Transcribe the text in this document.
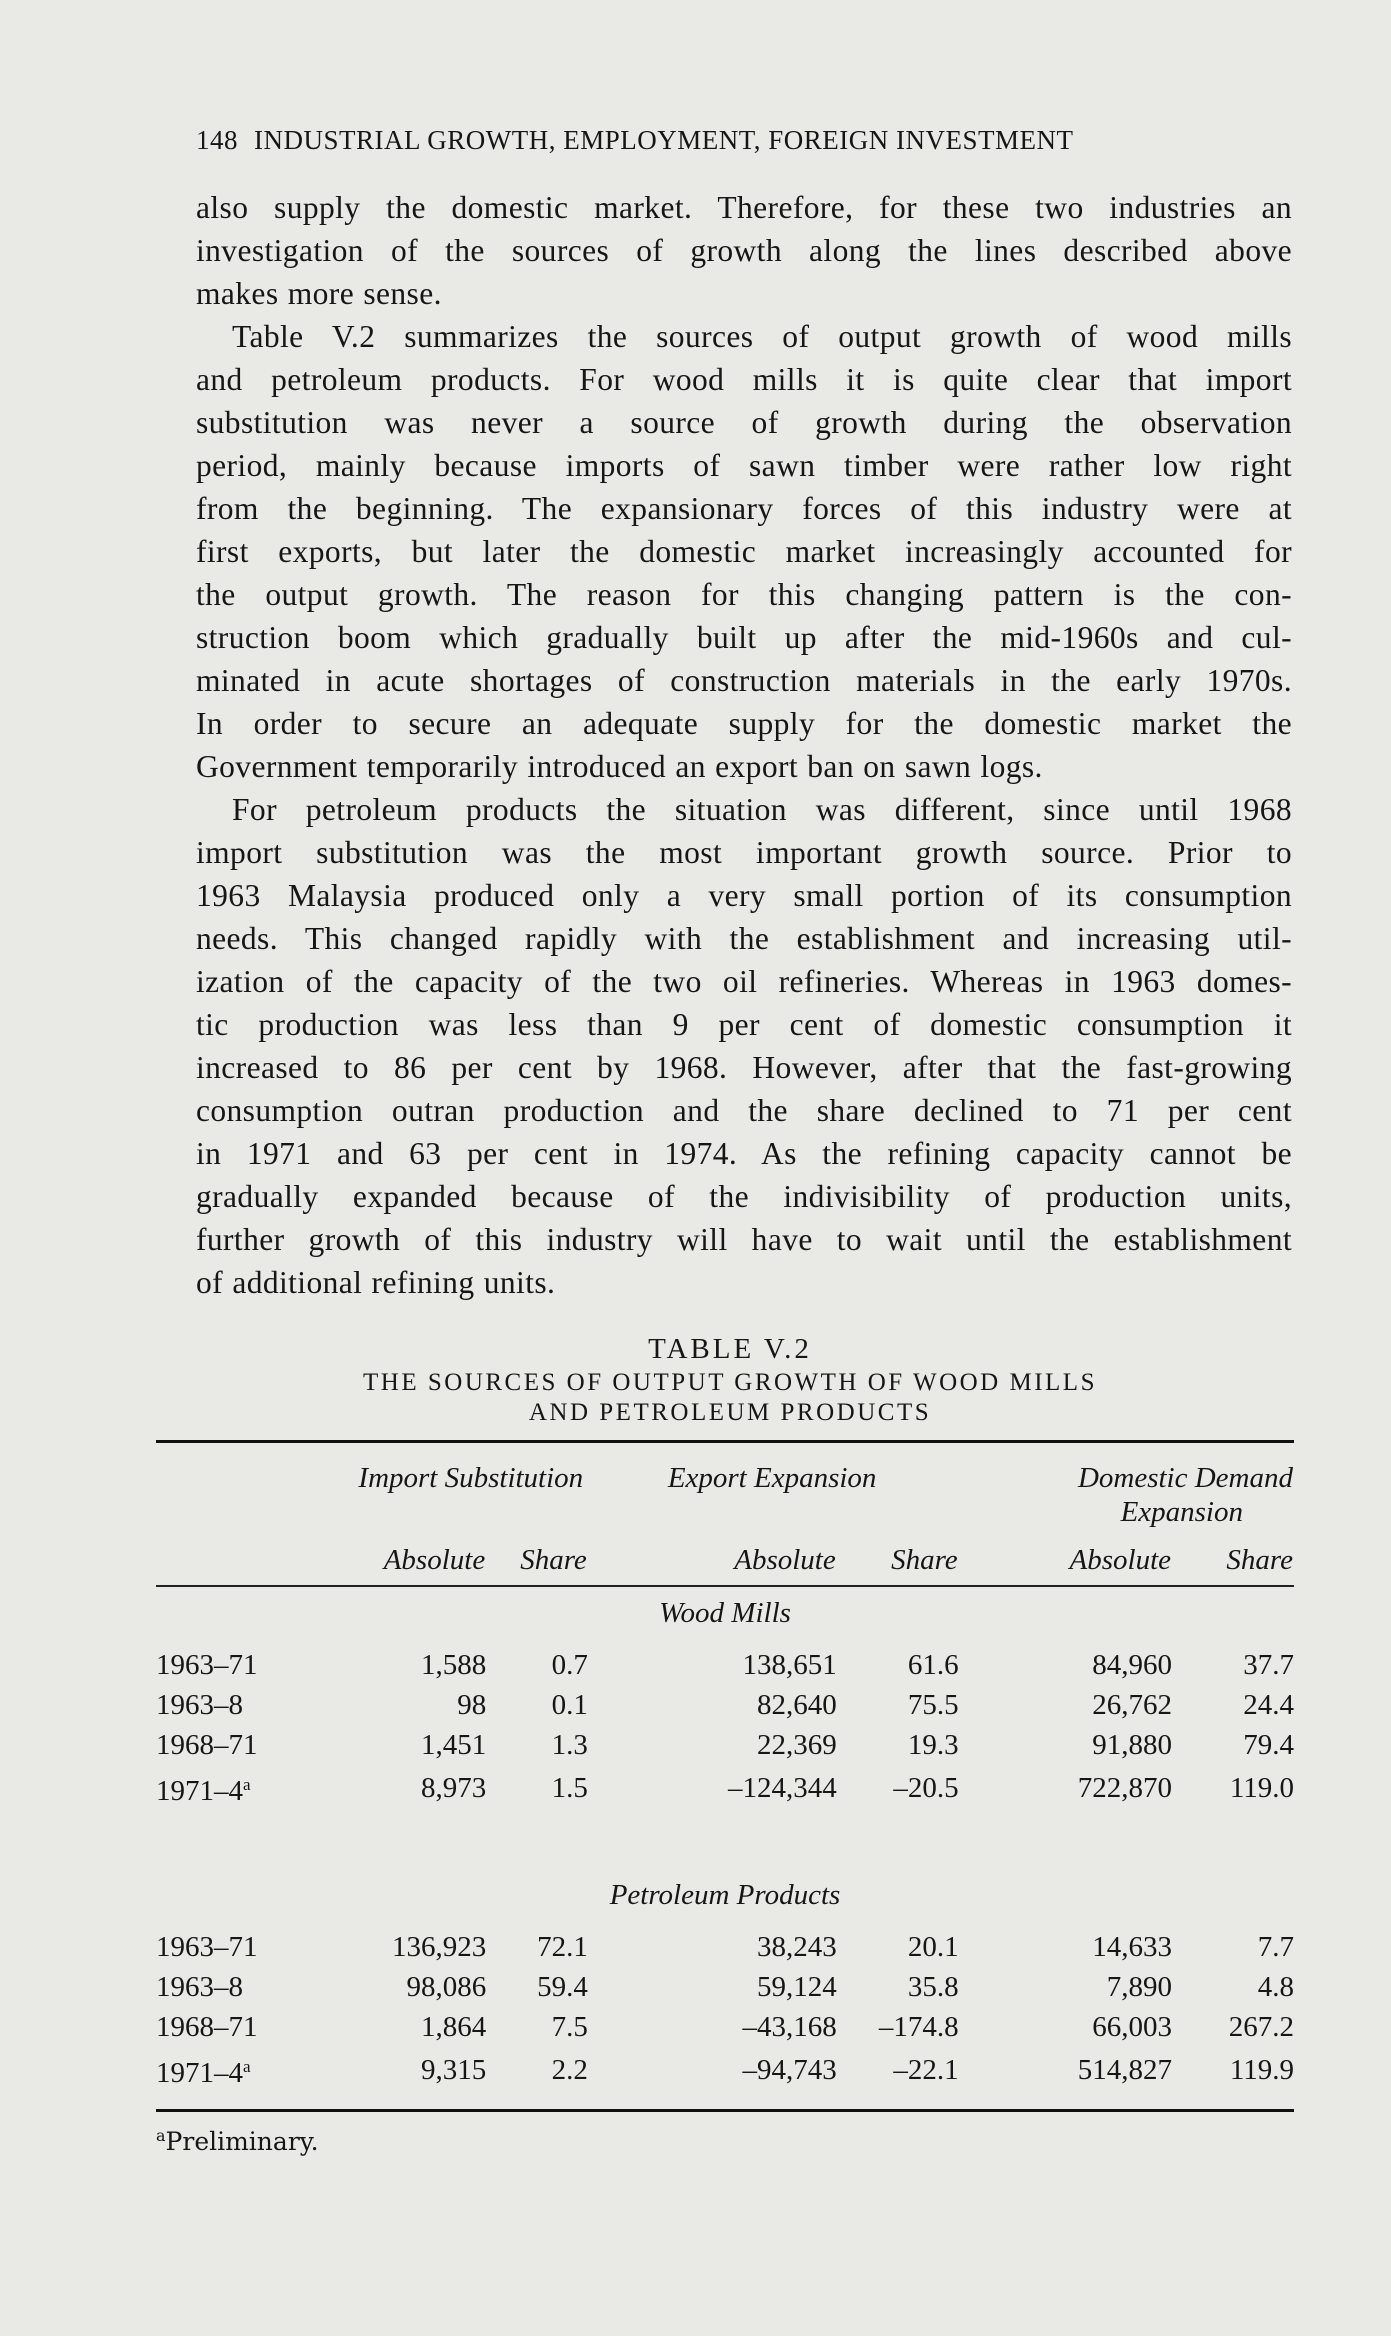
148 INDUSTRIAL GROWTH, EMPLOYMENT, FOREIGN INVESTMENT

also supply the domestic market. Therefore, for these two industries an
investigation of the sources of growth along the lines described above
makes more sense.

Table V.2 summarizes the sources of output growth of wood mills
and petroleum products. For wood mills it is quite clear that import
substitution was never a source of growth during the observation
period, mainly because imports of sawn timber were rather low right
from the beginning. The expansionary forces of this industry were at
first exports, but later the domestic market increasingly accounted for
the output growth. The reason for this changing pattern is the con-
struction boom which gradually built up after the mid-1960s and cul-
minated in acute shortages of construction materials in the early 1970s.
In order to secure an adequate supply for the domestic market the
Government temporarily introduced an export ban on sawn logs.

For petroleum products the situation was different, since until 1968
import substitution was the most important growth source. Prior to
1963 Malaysia produced only a very small portion of its consumption
needs. This changed rapidly with the establishment and increasing util-
ization of the capacity of the two oil refineries. Whereas in 1963 domes-
tic production was less than 9 per cent of domestic consumption it
increased to 86 per cent by 1968. However, after that the fast-growing
consumption outran production and the share declined to 71 per cent
in 1971 and 63 per cent in 1974. As the refining capacity cannot be
gradually expanded because of the indivisibility of production units,
further growth of this industry will have to wait until the establishment
of additional refining units.

TABLE V.2
THE SOURCES OF OUTPUT GROWTH OF WOOD MILLS
AND PETROLEUM PRODUCTS
	Import Substitution		Export Expansion		Domestic Demand
Expansion	

	Absolute	Share	Absolute	Share	Absolute	Share

Wood Mills						
1963–71	1,588	0.7	138,651	61.6	84,960	37.7
1963–8	98	0.1	82,640	75.5	26,762	24.4
1968–71	1,451	1.3	22,369	19.3	91,880	79.4
1971–4$^a$	8,973	1.5	–124,344	–20.5	722,870	119.0

Petroleum Products						
1963–71	136,923	72.1	38,243	20.1	14,633	7.7
1963–8	98,086	59.4	59,124	35.8	7,890	4.8
1968–71	1,864	7.5	–43,168	–174.8	66,003	267.2
1971–4$^a$	9,315	2.2	–94,743	–22.1	514,827	119.9
$^a$Preliminary.
